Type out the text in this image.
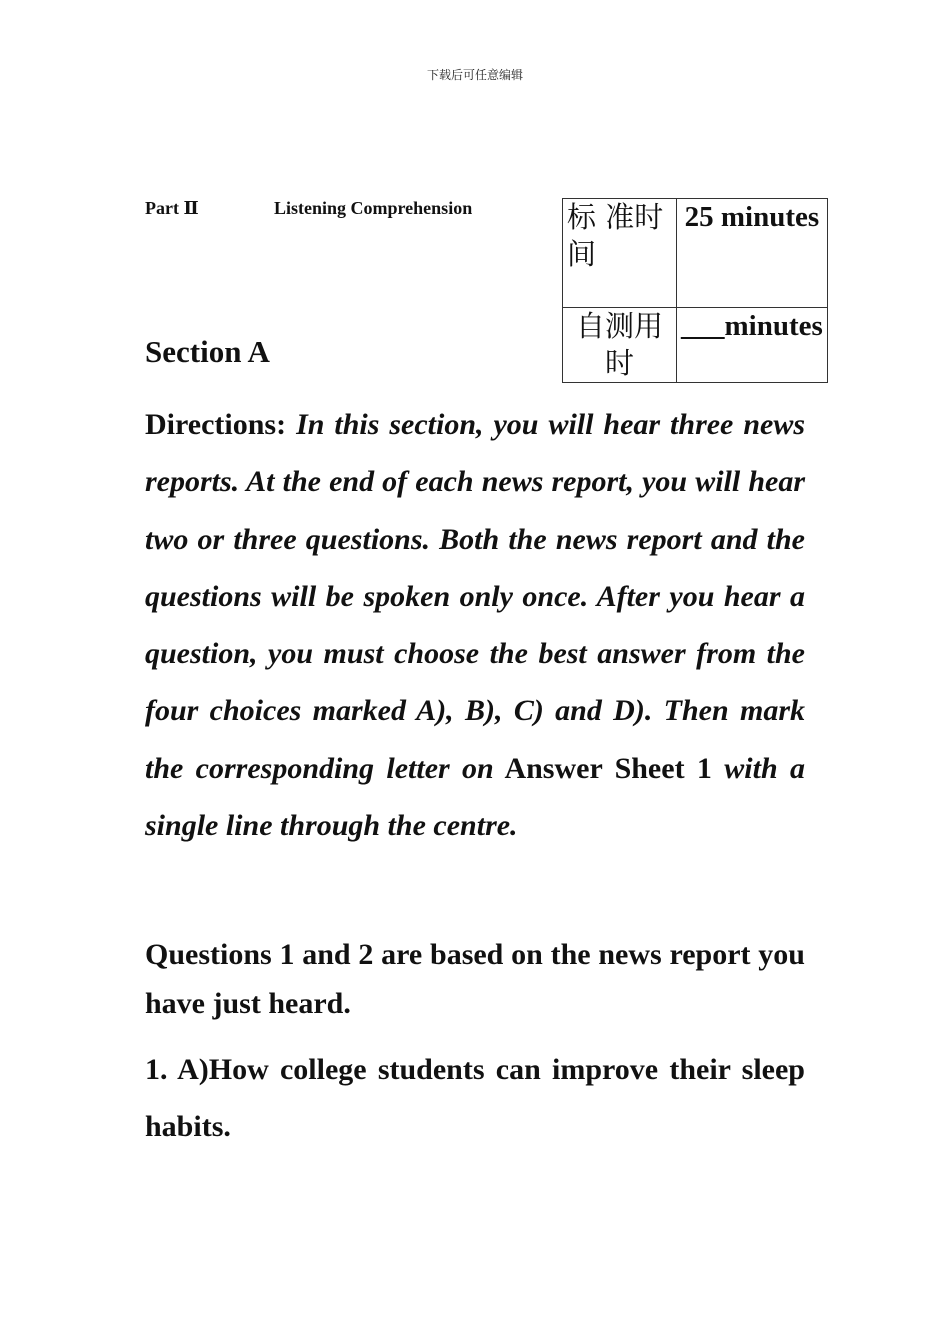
下载后可任意编辑
Part Ⅱ	Listening Comprehension	标 准时间	25 minutes
自测用时	___minutes
Section A
Directions: In this section, you will hear three news reports. At the end of each news report, you will hear two or three questions. Both the news report and the questions will be spoken only once. After you hear a question, you must choose the best answer from the four choices marked A), B), C) and D). Then mark the corresponding letter on Answer Sheet 1 with a single line through the centre.
Questions 1 and 2 are based on the news report you have just heard.
1. A)How college students can improve their sleep habits.
